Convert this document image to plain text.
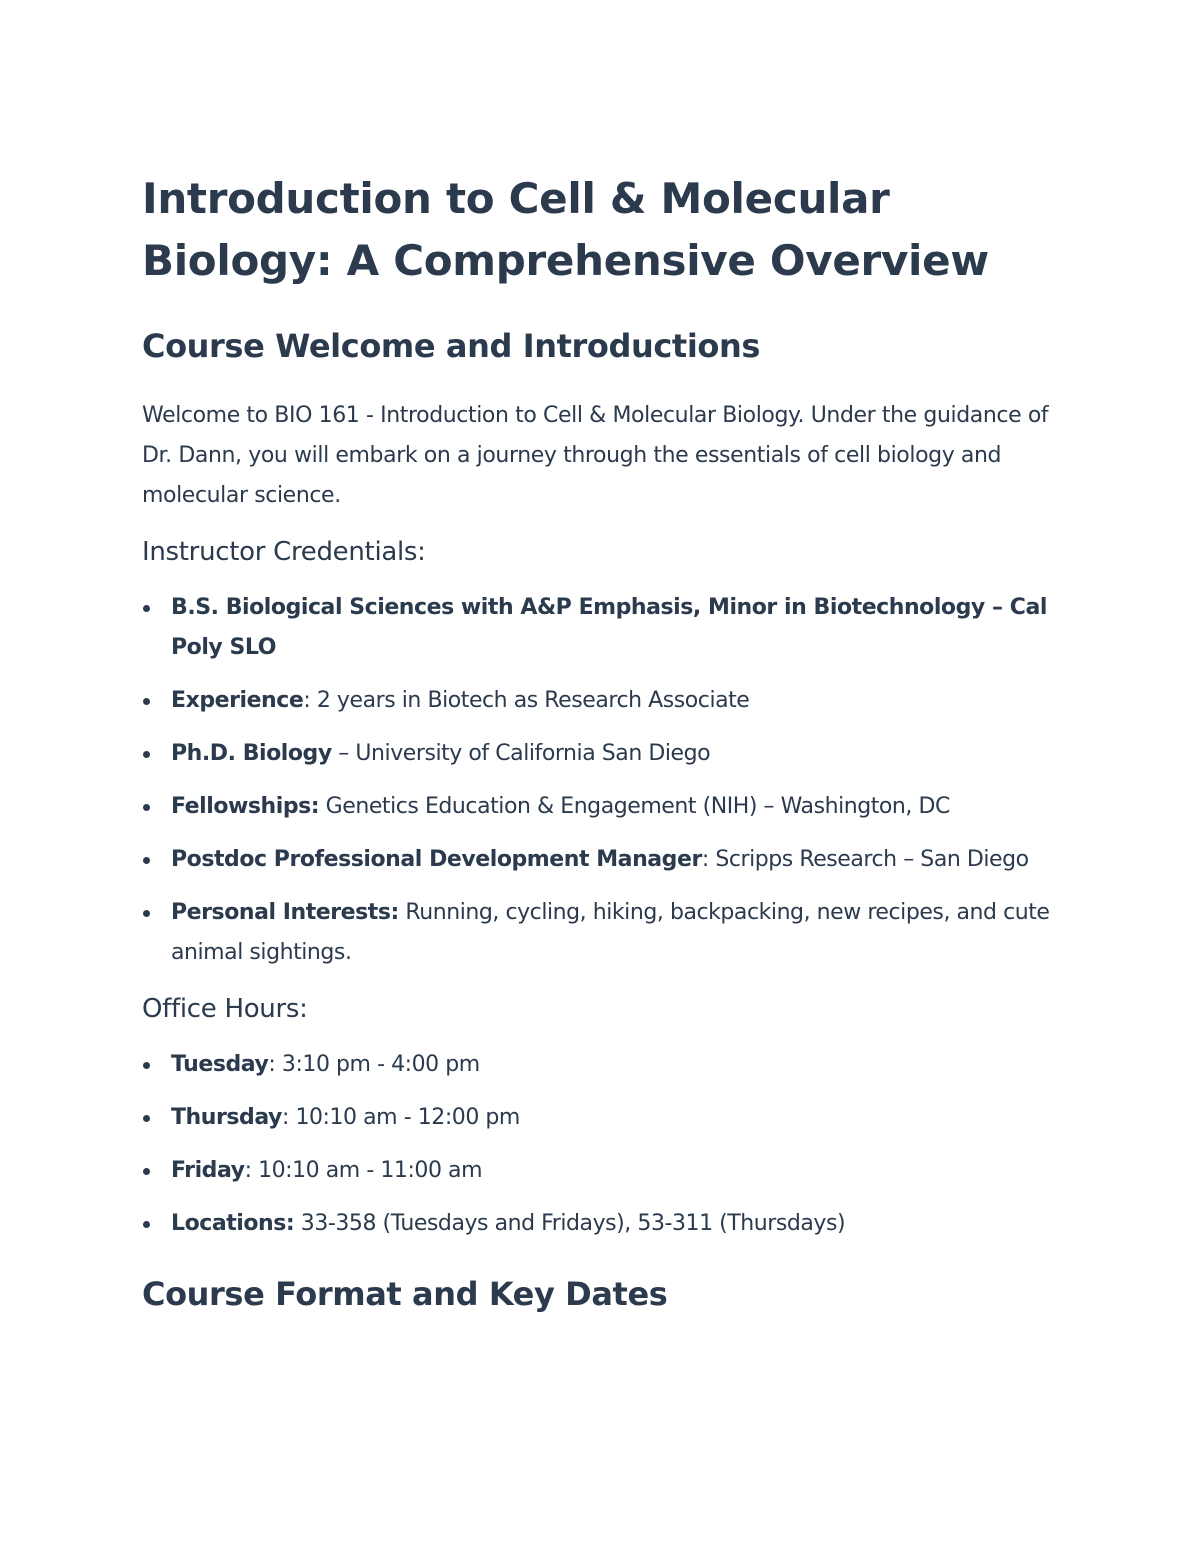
Introduction to Cell & Molecular Biology: A Comprehensive Overview
Course Welcome and Introductions

Welcome to BIO 161 - Introduction to Cell & Molecular Biology. Under the guidance of Dr. Dann, you will embark on a journey through the essentials of cell biology and molecular science.

Instructor Credentials:
B.S. Biological Sciences with A&P Emphasis, Minor in Biotechnology – Cal Poly SLO
Experience: 2 years in Biotech as Research Associate
Ph.D. Biology – University of California San Diego
Fellowships: Genetics Education & Engagement (NIH) – Washington, DC
Postdoc Professional Development Manager: Scripps Research – San Diego
Personal Interests: Running, cycling, hiking, backpacking, new recipes, and cute animal sightings.
Office Hours:
Tuesday: 3:10 pm - 4:00 pm
Thursday: 10:10 am - 12:00 pm
Friday: 10:10 am - 11:00 am
Locations: 33-358 (Tuesdays and Fridays), 53-311 (Thursdays)
Course Format and Key Dates
